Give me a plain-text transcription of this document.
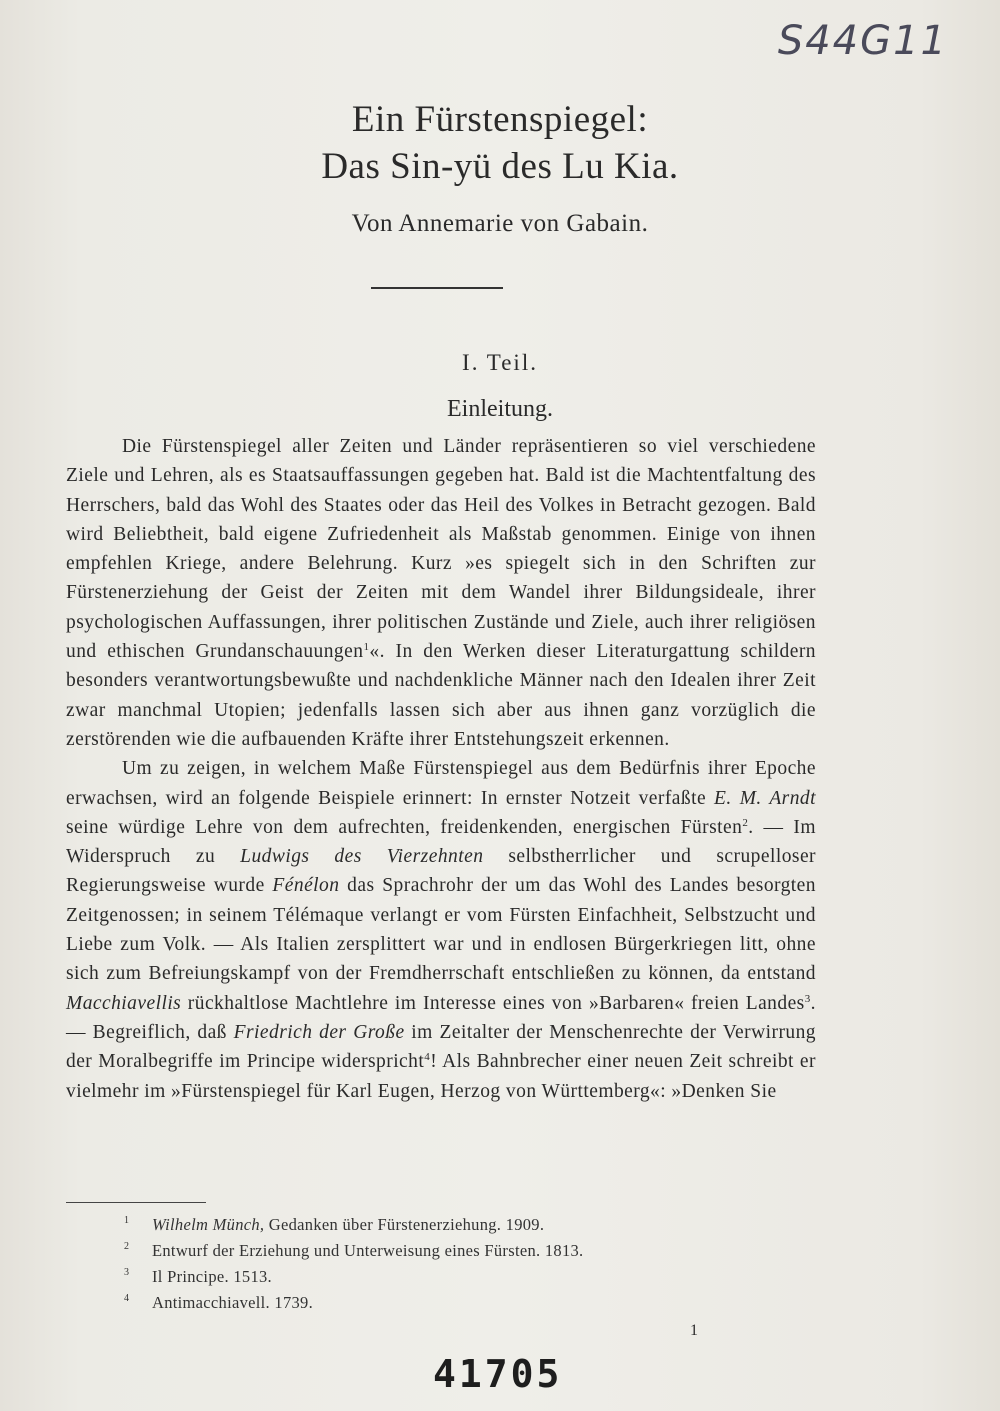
S44G11
Ein Fürstenspiegel:
Das Sin-yü des Lu Kia.
Von Annemarie von Gabain.
I. Teil.
Einleitung.

Die Fürstenspiegel aller Zeiten und Länder repräsentieren so viel verschiedene Ziele und Lehren, als es Staatsauffassungen gegeben hat. Bald ist die Machtentfaltung des Herrschers, bald das Wohl des Staates oder das Heil des Volkes in Betracht gezogen. Bald wird Beliebtheit, bald eigene Zufriedenheit als Maßstab genommen. Einige von ihnen empfehlen Kriege, andere Belehrung. Kurz »es spiegelt sich in den Schriften zur Fürstenerziehung der Geist der Zeiten mit dem Wandel ihrer Bildungsideale, ihrer psychologischen Auffassungen, ihrer politischen Zustände und Ziele, auch ihrer religiösen und ethischen Grundanschauungen$^1$«. In den Werken dieser Literaturgattung schildern besonders verantwortungsbewußte und nachdenkliche Männer nach den Idealen ihrer Zeit zwar manchmal Utopien; jedenfalls lassen sich aber aus ihnen ganz vorzüglich die zerstörenden wie die aufbauenden Kräfte ihrer Entstehungszeit erkennen.

Um zu zeigen, in welchem Maße Fürstenspiegel aus dem Bedürfnis ihrer Epoche erwachsen, wird an folgende Beispiele erinnert: In ernster Notzeit verfaßte E. M. Arndt seine würdige Lehre von dem aufrechten, freidenkenden, energischen Fürsten$^2$. — Im Widerspruch zu Ludwigs des Vierzehnten selbstherrlicher und scrupelloser Regierungsweise wurde Fénélon das Sprachrohr der um das Wohl des Landes besorgten Zeitgenossen; in seinem Télémaque verlangt er vom Fürsten Einfachheit, Selbstzucht und Liebe zum Volk. — Als Italien zersplittert war und in endlosen Bürgerkriegen litt, ohne sich zum Befreiungskampf von der Fremdherrschaft entschließen zu können, da entstand Macchiavellis rückhaltlose Machtlehre im Interesse eines von »Barbaren« freien Landes$^3$. — Begreiflich, daß Friedrich der Große im Zeitalter der Menschenrechte der Verwirrung der Moralbegriffe im Principe widerspricht$^4$! Als Bahnbrecher einer neuen Zeit schreibt er vielmehr im »Fürstenspiegel für Karl Eugen, Herzog von Württemberg«: »Denken Sie

1 Wilhelm Münch, Gedanken über Fürstenerziehung. 1909.
2 Entwurf der Erziehung und Unterweisung eines Fürsten. 1813.
3 Il Principe. 1513.
4 Antimacchiavell. 1739.
1
41705
